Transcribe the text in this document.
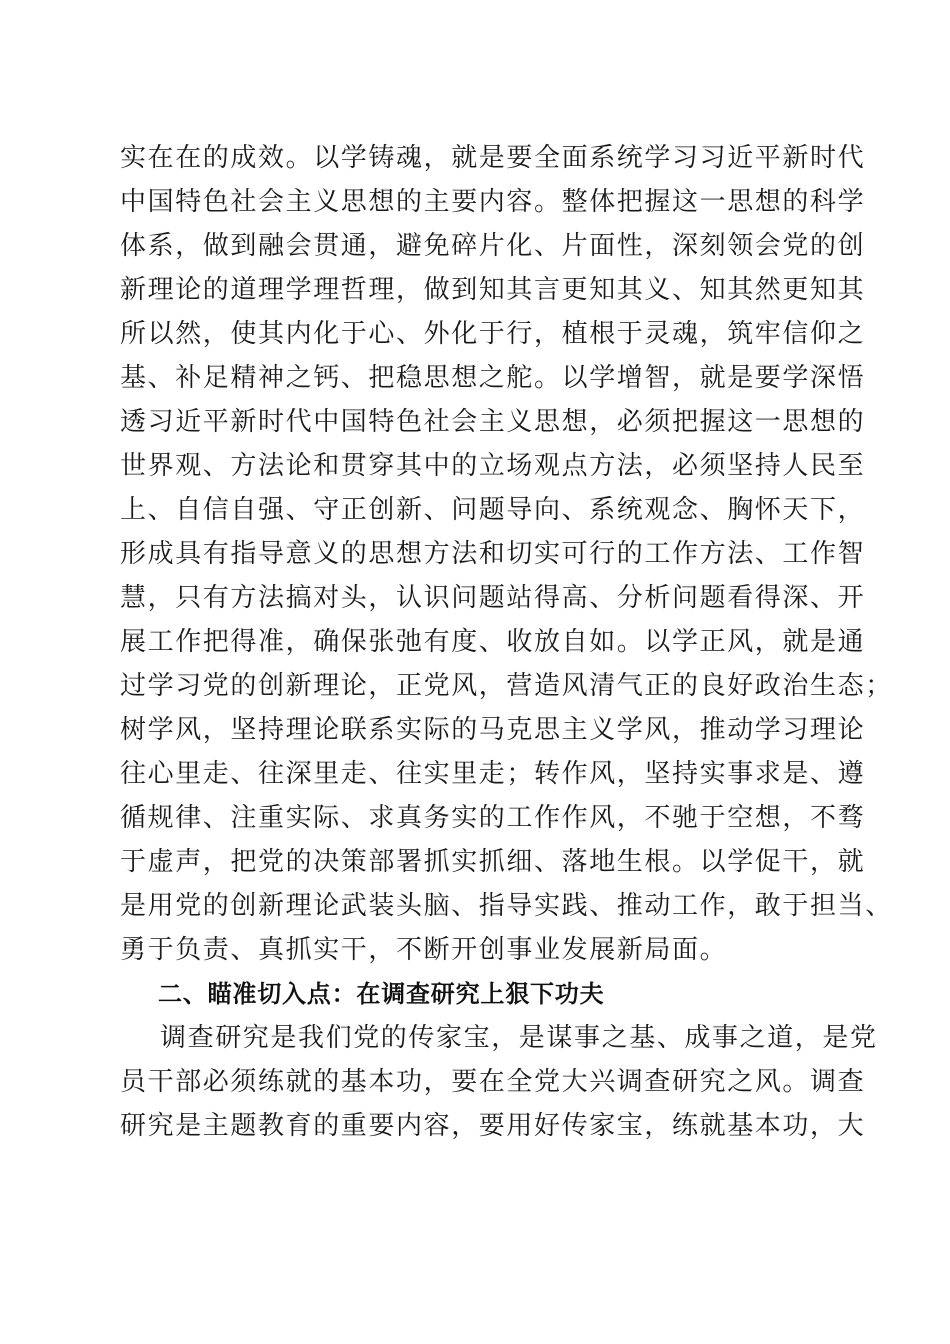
实在在的成效。以学铸魂，就是要全面系统学习习近平新时代
中国特色社会主义思想的主要内容。整体把握这一思想的科学
体系，做到融会贯通，避免碎片化、片面性，深刻领会党的创
新理论的道理学理哲理，做到知其言更知其义、知其然更知其
所以然，使其内化于心、外化于行，植根于灵魂，筑牢信仰之
基、补足精神之钙、把稳思想之舵。以学增智，就是要学深悟
透习近平新时代中国特色社会主义思想，必须把握这一思想的
世界观、方法论和贯穿其中的立场观点方法，必须坚持人民至
上、自信自强、守正创新、问题导向、系统观念、胸怀天下，
形成具有指导意义的思想方法和切实可行的工作方法、工作智
慧，只有方法搞对头，认识问题站得高、分析问题看得深、开
展工作把得准，确保张弛有度、收放自如。以学正风，就是通
过学习党的创新理论，正党风，营造风清气正的良好政治生态；
树学风，坚持理论联系实际的马克思主义学风，推动学习理论
往心里走、往深里走、往实里走；转作风，坚持实事求是、遵
循规律、注重实际、求真务实的工作作风，不驰于空想，不骛
于虚声，把党的决策部署抓实抓细、落地生根。以学促干，就
是用党的创新理论武装头脑、指导实践、推动工作，敢于担当、
勇于负责、真抓实干，不断开创事业发展新局面。
二、瞄准切入点：在调查研究上狠下功夫
调查研究是我们党的传家宝，是谋事之基、成事之道，是党
员干部必须练就的基本功，要在全党大兴调查研究之风。调查
研究是主题教育的重要内容，要用好传家宝，练就基本功，大
